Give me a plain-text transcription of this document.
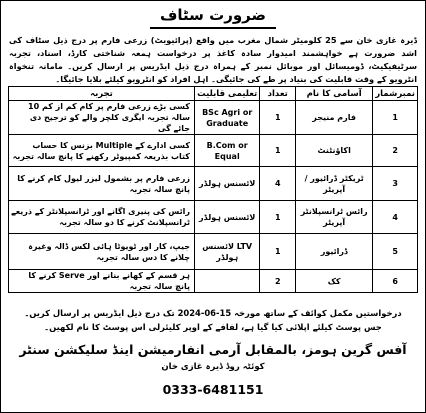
ضرورت سٹاف
ڈیرہ غازی خان سے 25 کلومیٹر شمال مغرب میں واقع (پرائیویٹ) زرعی فارم پر درج ذیل سٹاف کی اشد ضرورت ہے خواہشمند امیدوار سادہ کاغذ پر درخواست ہمعہ شناختی کارڈ، اسناد، تجربہ سرٹیفیکیٹ، ڈومیسائل اور موبائل نمبر کے ہمراہ درج ذیل ایڈریس پر ارسال کریں۔ مامانہ تنخواہ انٹرویو کے وقت قابلیت کی بنیاد پر طے کی جائیگی۔ اہل افراد کو انٹرویو کیلئے بلایا جائیگا۔
نمبرشمار	آسامی کا نام	تعداد	تعلیمی قابلیت	تجربہ
1	فارم منیجر	1	BSc Agri or Graduate	کسی بڑے زرعی فارم پر کام کم از کم 10 سالہ تجربہ ایگری کلچر والے کو ترجیح دی جائے گی
2	اکاؤنٹنٹ	1	B.Com or Equal	کسی ادارے کے Multiple بزنس کا حساب کتاب بذریعہ کمپیوٹر رکھنے کا پانچ سالہ تجربہ
3	ٹریکٹر ڈرائیور / آپریٹر	4	لائسنس ہولڈر	زرعی فارم پر بشمول لیزر لیول کام کرنے کا پانچ سالہ تجربہ
4	رائس ٹرانسپلانٹر آپریٹر	1	لائسنس ہولڈر	رائس کی پنیری اگانے اور ٹرانسپلانٹر کے ذریعے ٹرانسپلانٹ کرنے کا دو سالہ تجربہ
5	ڈرائیور	1	LTV لائسنس ہولڈر	جیپ، کار اور ٹویوٹا ہائی لکس ڈالہ وغیرہ چلانے کا دس سالہ تجربہ
6	کک	2		ہر قسم کے کھانے بنانے اور Serve کرنے کا پانچ سالہ تجربہ
درخواستیں مکمل کوائف کے ساتھ مورخہ 15-06-2024 تک درج ذیل ایڈریس پر ارسال کریں۔
جس پوسٹ کیلئے اپلائی کیا گیا ہے، لفافے کے اوپر کلیئرلی اس پوسٹ کا نام لکھیں۔
آفس گرین ہومز، بالمقابل آرمی انفارمیشن اینڈ سلیکشن سنٹر
کوئٹہ روڈ ڈیرہ غازی خان
0333-6481151
